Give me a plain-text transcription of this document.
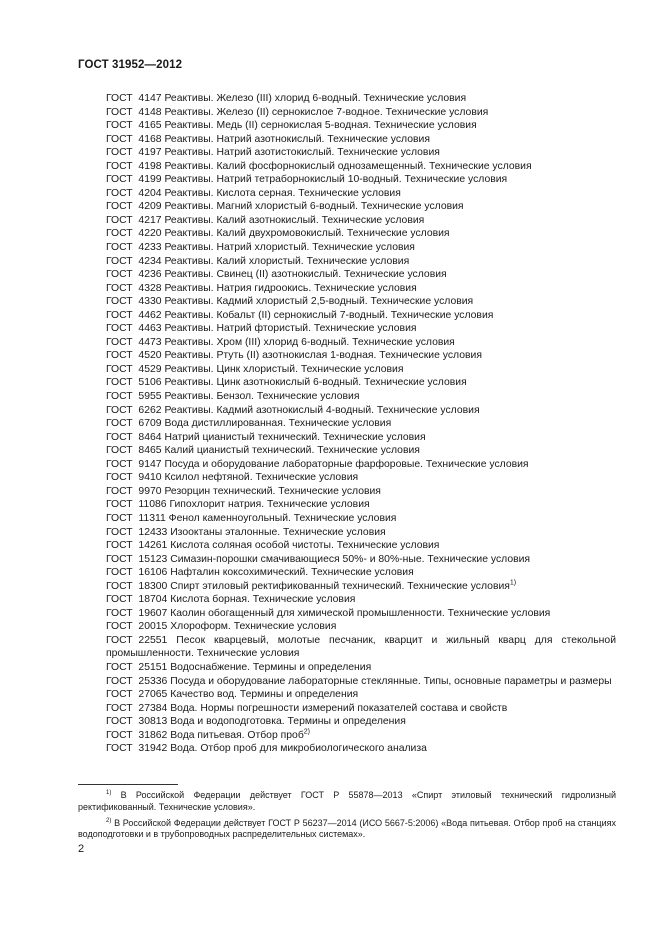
ГОСТ 31952—2012
ГОСТ 4147 Реактивы. Железо (III) хлорид 6-водный. Технические условия
ГОСТ 4148 Реактивы. Железо (II) сернокислое 7-водное. Технические условия
ГОСТ 4165 Реактивы. Медь (II) сернокислая 5-водная. Технические условия
ГОСТ 4168 Реактивы. Натрий азотнокислый. Технические условия
ГОСТ 4197 Реактивы. Натрий азотистокислый. Технические условия
ГОСТ 4198 Реактивы. Калий фосфорнокислый однозамещенный. Технические условия
ГОСТ 4199 Реактивы. Натрий тетраборнокислый 10-водный. Технические условия
ГОСТ 4204 Реактивы. Кислота серная. Технические условия
ГОСТ 4209 Реактивы. Магний хлористый 6-водный. Технические условия
ГОСТ 4217 Реактивы. Калий азотнокислый. Технические условия
ГОСТ 4220 Реактивы. Калий двухромовокислый. Технические условия
ГОСТ 4233 Реактивы. Натрий хлористый. Технические условия
ГОСТ 4234 Реактивы. Калий хлористый. Технические условия
ГОСТ 4236 Реактивы. Свинец (II) азотнокислый. Технические условия
ГОСТ 4328 Реактивы. Натрия гидроокись. Технические условия
ГОСТ 4330 Реактивы. Кадмий хлористый 2,5-водный. Технические условия
ГОСТ 4462 Реактивы. Кобальт (II) сернокислый 7-водный. Технические условия
ГОСТ 4463 Реактивы. Натрий фтористый. Технические условия
ГОСТ 4473 Реактивы. Хром (III) хлорид 6-водный. Технические условия
ГОСТ 4520 Реактивы. Ртуть (II) азотнокислая 1-водная. Технические условия
ГОСТ 4529 Реактивы. Цинк хлористый. Технические условия
ГОСТ 5106 Реактивы. Цинк азотнокислый 6-водный. Технические условия
ГОСТ 5955 Реактивы. Бензол. Технические условия
ГОСТ 6262 Реактивы. Кадмий азотнокислый 4-водный. Технические условия
ГОСТ 6709 Вода дистиллированная. Технические условия
ГОСТ 8464 Натрий цианистый технический. Технические условия
ГОСТ 8465 Калий цианистый технический. Технические условия
ГОСТ 9147 Посуда и оборудование лабораторные фарфоровые. Технические условия
ГОСТ 9410 Ксилол нефтяной. Технические условия
ГОСТ 9970 Резорцин технический. Технические условия
ГОСТ 11086 Гипохлорит натрия. Технические условия
ГОСТ 11311 Фенол каменноугольный. Технические условия
ГОСТ 12433 Изооктаны эталонные. Технические условия
ГОСТ 14261 Кислота соляная особой чистоты. Технические условия
ГОСТ 15123 Симазин-порошки смачивающиеся 50%- и 80%-ные. Технические условия
ГОСТ 16106 Нафталин коксохимический. Технические условия
ГОСТ 18300 Спирт этиловый ректификованный технический. Технические условия$^{1)}$
ГОСТ 18704 Кислота борная. Технические условия
ГОСТ 19607 Каолин обогащенный для химической промышленности. Технические условия
ГОСТ 20015 Хлороформ. Технические условия
ГОСТ 22551 Песок кварцевый, молотые песчаник, кварцит и жильный кварц для стекольной промышленности. Технические условия
ГОСТ 25151 Водоснабжение. Термины и определения
ГОСТ 25336 Посуда и оборудование лабораторные стеклянные. Типы, основные параметры и размеры
ГОСТ 27065 Качество вод. Термины и определения
ГОСТ 27384 Вода. Нормы погрешности измерений показателей состава и свойств
ГОСТ 30813 Вода и водоподготовка. Термины и определения
ГОСТ 31862 Вода питьевая. Отбор проб$^{2)}$
ГОСТ 31942 Вода. Отбор проб для микробиологического анализа
$^{1)}$ В Российской Федерации действует ГОСТ Р 55878—2013 «Спирт этиловый технический гидролизный ректификованный. Технические условия».
$^{2)}$ В Российской Федерации действует ГОСТ Р 56237—2014 (ИСО 5667-5:2006) «Вода питьевая. Отбор проб на станциях водоподготовки и в трубопроводных распределительных системах».
2
